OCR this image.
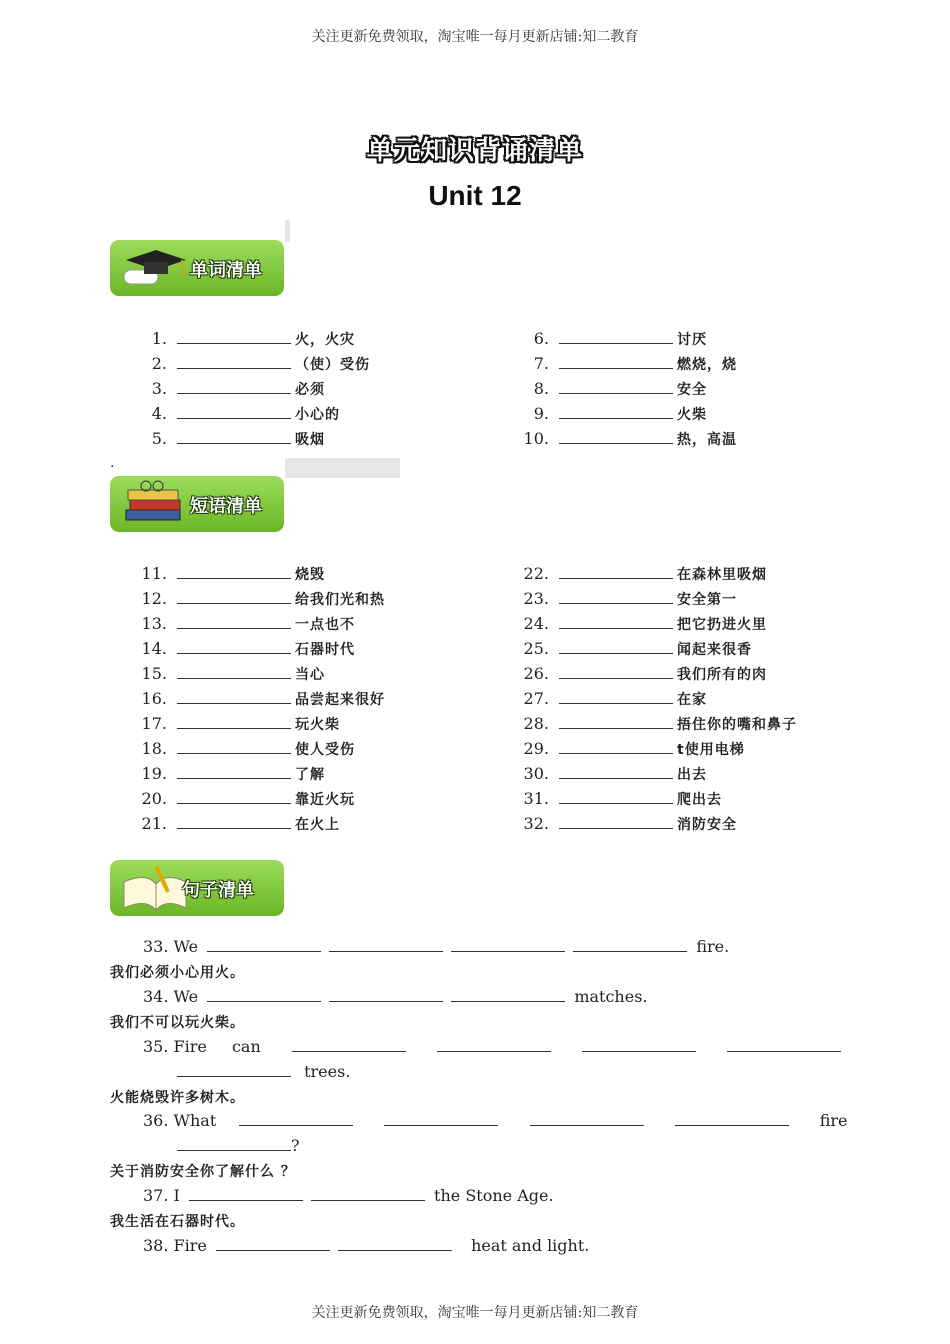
关注更新免费领取，淘宝唯一每月更新店铺:知二教育
单元知识背诵清单
Unit 12
单词清单
1.	火，火灾
2.	（使）受伤
3.	必须
4.	小心的
5.	吸烟
6.	讨厌
7.	燃烧，烧
8.	安全
9.	火柴
10.	热，高温
.
短语清单
11.	烧毁
12.	给我们光和热
13.	一点也不
14.	石器时代
15.	当心
16.	品尝起来很好
17.	玩火柴
18.	使人受伤
19.	了解
20.	靠近火玩
21.	在火上
22.	在森林里吸烟
23.	安全第一
24.	把它扔进火里
25.	闻起来很香
26.	我们所有的肉
27.	在家
28.	捂住你的嘴和鼻子
29.	t使用电梯
30.	出去
31.	爬出去
32.	消防安全
句子清单
33. We	fire.
我们必须小心用火。
34. We	matches.
我们不可以玩火柴。
35. Fire can
trees.
火能烧毁许多树木。
36. What	fire
?
关于消防安全你了解什么 ？
37. I	the Stone Age.
我生活在石器时代。
38. Fire	heat and light.
关注更新免费领取，淘宝唯一每月更新店铺:知二教育
